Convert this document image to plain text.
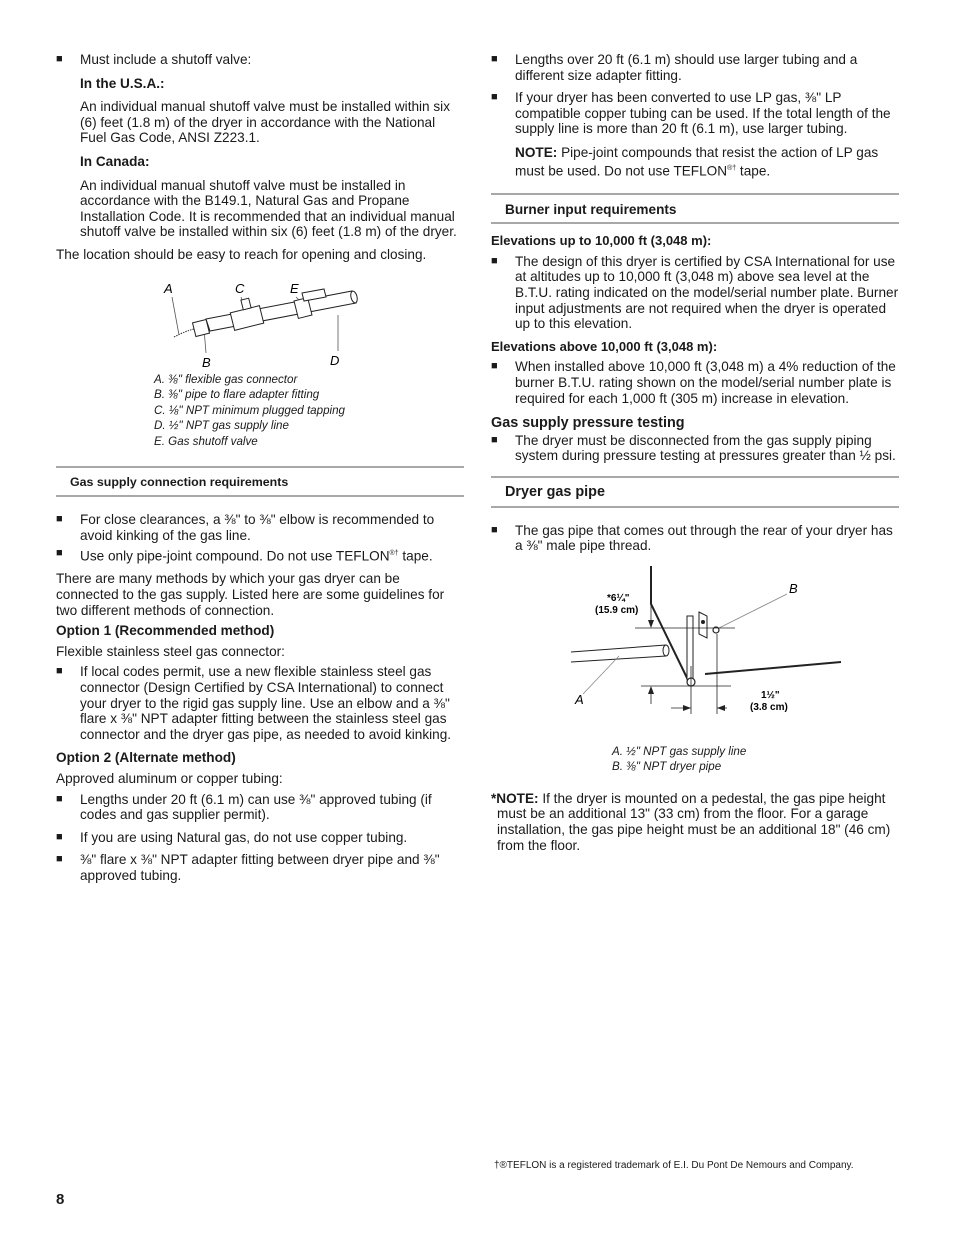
■ Must include a shutoff valve:

In the U.S.A.:

An individual manual shutoff valve must be installed within six (6) feet (1.8 m) of the dryer in accordance with the National Fuel Gas Code, ANSI Z223.1.

In Canada:

An individual manual shutoff valve must be installed in accordance with the B149.1, Natural Gas and Propane Installation Code. It is recommended that an individual manual shutoff valve be installed within six (6) feet (1.8 m) of the dryer.

The location should be easy to reach for opening and closing.

A	C	E
B	D
A. ⅜" flexible gas connector
B. ⅜" pipe to flare adapter fitting
C. ⅛" NPT minimum plugged tapping
D. ½" NPT gas supply line
E. Gas shutoff valve
Gas supply connection requirements

■ For close clearances, a ⅜" to ⅜" elbow is recommended to avoid kinking of the gas line.

■ Use only pipe-joint compound. Do not use TEFLON®† tape.

There are many methods by which your gas dryer can be connected to the gas supply. Listed here are some guidelines for two different methods of connection.

Option 1 (Recommended method)

Flexible stainless steel gas connector:

■ If local codes permit, use a new flexible stainless steel gas connector (Design Certified by CSA International) to connect your dryer to the rigid gas supply line. Use an elbow and a ⅜" flare x ⅜" NPT adapter fitting between the stainless steel gas connector and the dryer gas pipe, as needed to avoid kinking.

Option 2 (Alternate method)

Approved aluminum or copper tubing:

■ Lengths under 20 ft (6.1 m) can use ⅜" approved tubing (if codes and gas supplier permit).

■ If you are using Natural gas, do not use copper tubing.

■ ⅜" flare x ⅜" NPT adapter fitting between dryer pipe and ⅜" approved tubing.

■ Lengths over 20 ft (6.1 m) should use larger tubing and a different size adapter fitting.

■ If your dryer has been converted to use LP gas, ⅜" LP compatible copper tubing can be used. If the total length of the supply line is more than 20 ft (6.1 m), use larger tubing.

NOTE: Pipe-joint compounds that resist the action of LP gas must be used. Do not use TEFLON®† tape.

Burner input requirements

Elevations up to 10,000 ft (3,048 m):

■ The design of this dryer is certified by CSA International for use at altitudes up to 10,000 ft (3,048 m) above sea level at the B.T.U. rating indicated on the model/serial number plate. Burner input adjustments are not required when the dryer is operated up to this elevation.

Elevations above 10,000 ft (3,048 m):

■ When installed above 10,000 ft (3,048 m) a 4% reduction of the burner B.T.U. rating shown on the model/serial number plate is required for each 1,000 ft (305 m) increase in elevation.

Gas supply pressure testing

■ The dryer must be disconnected from the gas supply piping system during pressure testing at pressures greater than ½ psi.

Dryer gas pipe

■ The gas pipe that comes out through the rear of your dryer has a ⅜" male pipe thread.

*6¼"
(15.9 cm)
1½"
(3.8 cm)
A
B
A. ½" NPT gas supply line
B. ⅜" NPT dryer pipe

*NOTE: If the dryer is mounted on a pedestal, the gas pipe height must be an additional 13" (33 cm) from the floor. For a garage installation, the gas pipe height must be an additional 18" (46 cm) from the floor.

†®TEFLON is a registered trademark of E.I. Du Pont De Nemours and Company.
8
